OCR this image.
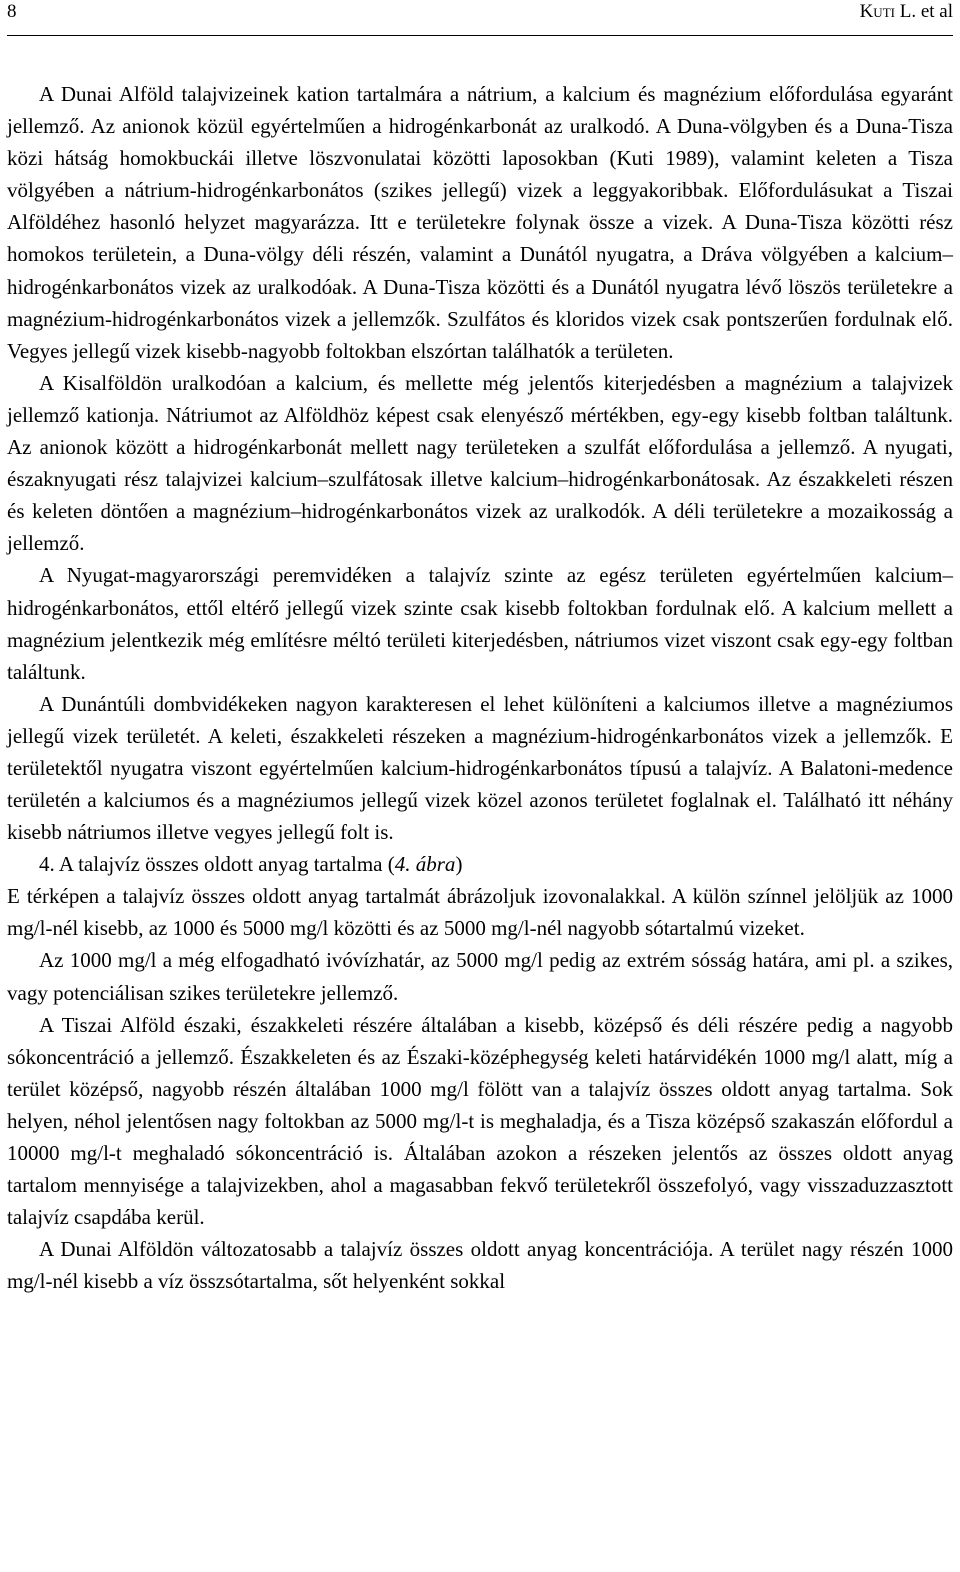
8	Kuti L. et al

A Dunai Alföld talajvizeinek kation tartalmára a nátrium, a kalcium és magnézium előfordulása egyaránt jellemző. Az anionok közül egyértelműen a hidrogénkarbonát az uralkodó. A Duna-völgyben és a Duna-Tisza közi hátság homokbuckái illetve löszvonulatai közötti laposokban (Kuti 1989), valamint keleten a Tisza völgyében a nátrium-hidrogénkarbonátos (szikes jellegű) vizek a leggyakoribbak. Előfordulásukat a Tiszai Alföldéhez hasonló helyzet magyarázza. Itt e területekre folynak össze a vizek. A Duna-Tisza közötti rész homokos területein, a Duna-völgy déli részén, valamint a Dunától nyugatra, a Dráva völgyében a kalcium–hidrogénkarbonátos vizek az uralkodóak. A Duna-Tisza közötti és a Dunától nyugatra lévő löszös területekre a magnézium-hidrogénkarbonátos vizek a jellemzők. Szulfátos és kloridos vizek csak pontszerűen fordulnak elő. Vegyes jellegű vizek kisebb-nagyobb foltokban elszórtan találhatók a területen.

A Kisalföldön uralkodóan a kalcium, és mellette még jelentős kiterjedésben a magnézium a talajvizek jellemző kationja. Nátriumot az Alföldhöz képest csak elenyésző mértékben, egy-egy kisebb foltban találtunk. Az anionok között a hidrogénkarbonát mellett nagy területeken a szulfát előfordulása a jellemző. A nyugati, északnyugati rész talajvizei kalcium–szulfátosak illetve kalcium–hidrogénkarbonátosak. Az északkeleti részen és keleten döntően a magnézium–hidrogénkarbonátos vizek az uralkodók. A déli területekre a mozaikosság a jellemző.

A Nyugat-magyarországi peremvidéken a talajvíz szinte az egész területen egyértelműen kalcium–hidrogénkarbonátos, ettől eltérő jellegű vizek szinte csak kisebb foltokban fordulnak elő. A kalcium mellett a magnézium jelentkezik még említésre méltó területi kiterjedésben, nátriumos vizet viszont csak egy-egy foltban találtunk.

A Dunántúli dombvidékeken nagyon karakteresen el lehet különíteni a kalciumos illetve a magnéziumos jellegű vizek területét. A keleti, északkeleti részeken a magnézium-hidrogénkarbonátos vizek a jellemzők. E területektől nyugatra viszont egyértelműen kalcium-hidrogénkarbonátos típusú a talajvíz. A Balatoni-medence területén a kalciumos és a magnéziumos jellegű vizek közel azonos területet foglalnak el. Található itt néhány kisebb nátriumos illetve vegyes jellegű folt is.

4. A talajvíz összes oldott anyag tartalma (4. ábra)

E térképen a talajvíz összes oldott anyag tartalmát ábrázoljuk izovonalakkal. A külön színnel jelöljük az 1000 mg/l-nél kisebb, az 1000 és 5000 mg/l közötti és az 5000 mg/l-nél nagyobb sótartalmú vizeket.

Az 1000 mg/l a még elfogadható ivóvízhatár, az 5000 mg/l pedig az extrém sósság határa, ami pl. a szikes, vagy potenciálisan szikes területekre jellemző.

A Tiszai Alföld északi, északkeleti részére általában a kisebb, középső és déli részére pedig a nagyobb sókoncentráció a jellemző. Északkeleten és az Északi-középhegység keleti határvidékén 1000 mg/l alatt, míg a terület középső, nagyobb részén általában 1000 mg/l fölött van a talajvíz összes oldott anyag tartalma. Sok helyen, néhol jelentősen nagy foltokban az 5000 mg/l-t is meghaladja, és a Tisza középső szakaszán előfordul a 10000 mg/l-t meghaladó sókoncentráció is. Általában azokon a részeken jelentős az összes oldott anyag tartalom mennyisége a talajvizekben, ahol a magasabban fekvő területekről összefolyó, vagy visszaduzzasztott talajvíz csapdába kerül.

A Dunai Alföldön változatosabb a talajvíz összes oldott anyag koncentrációja. A terület nagy részén 1000 mg/l-nél kisebb a víz összsótartalma, sőt helyenként sokkal
